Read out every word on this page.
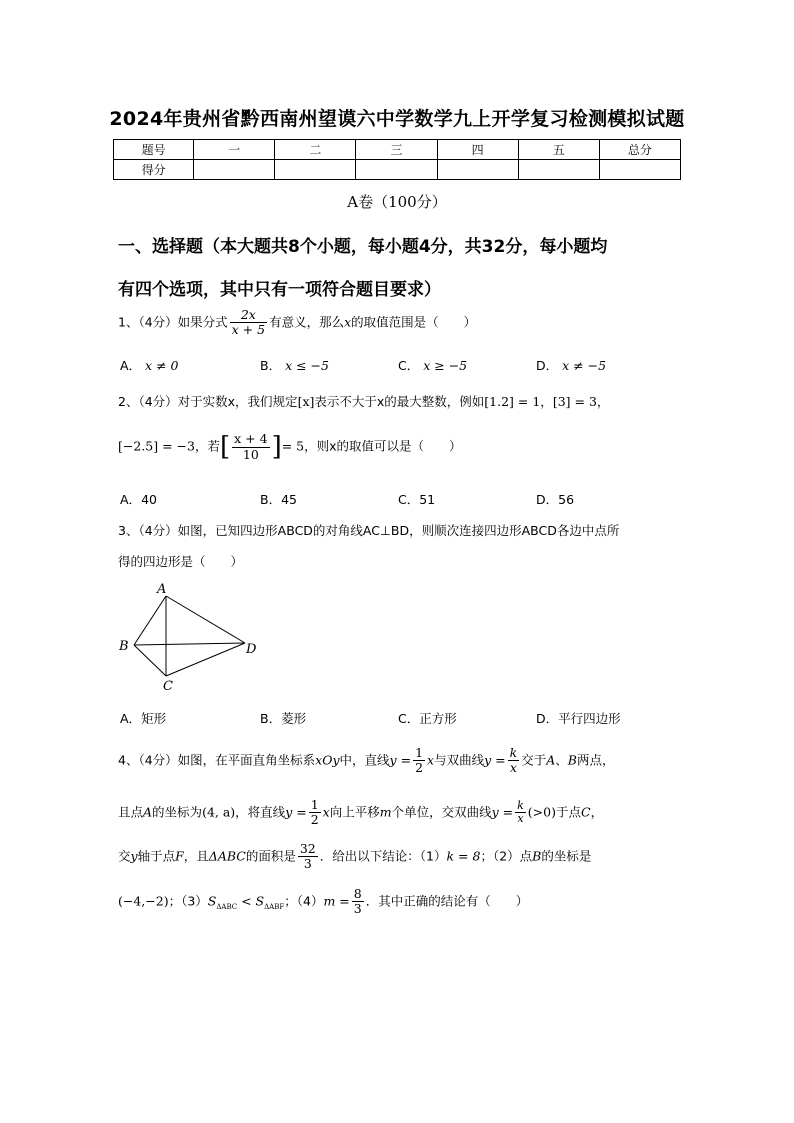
2024年贵州省黔西南州望谟六中学数学九上开学复习检测模拟试题
题号	一	二	三	四	五	总分
得分						
A卷（100分）
一、选择题（本大题共8个小题，每小题4分，共32分，每小题均
有四个选项，其中只有一项符合题目要求）
1、（4分）如果分式 $\frac{2x}{x + 5}$ 有意义，那么x的取值范围是（　　）
A． x ≠ 0	B． x ≤ −5	C． x ≥ −5	D． x ≠ −5
2、（4分）对于实数x，我们规定[x]表示不大于x的最大整数，例如[1.2] = 1，[3] = 3，
[−2.5] = −3，若[ $\frac{x + 4}{10}$ ]= 5，则x的取值可以是（　　）
A．40	B．45	C．51	D．56
3、（4分）如图，已知四边形ABCD的对角线AC⊥BD，则顺次连接四边形ABCD各边中点所
得的四边形是（　　）
A
B
C
D
A．矩形	B．菱形	C．正方形	D．平行四边形
4、（4分）如图，在平面直角坐标系xOy中，直线$y = \frac{1}{2}$ x与双曲线$y = \frac{k}{x}$ 交于A、B两点，
且点A的坐标为(4, a)，将直线$y = \frac{1}{2}$ x向上平移m个单位，交双曲线$y = \frac{k}{x} (>0)$于点C，
交y轴于点F，且ΔABC的面积是 $\frac{32}{3}$ ．给出以下结论：（1）k = 8；（2）点B的坐标是
(−4,−2)；$(3)S_{\Delta ABC} < S_{\Delta ABF}$；$(4)m = \frac{8}{3}$ ．其中正确的结论有（　　）
